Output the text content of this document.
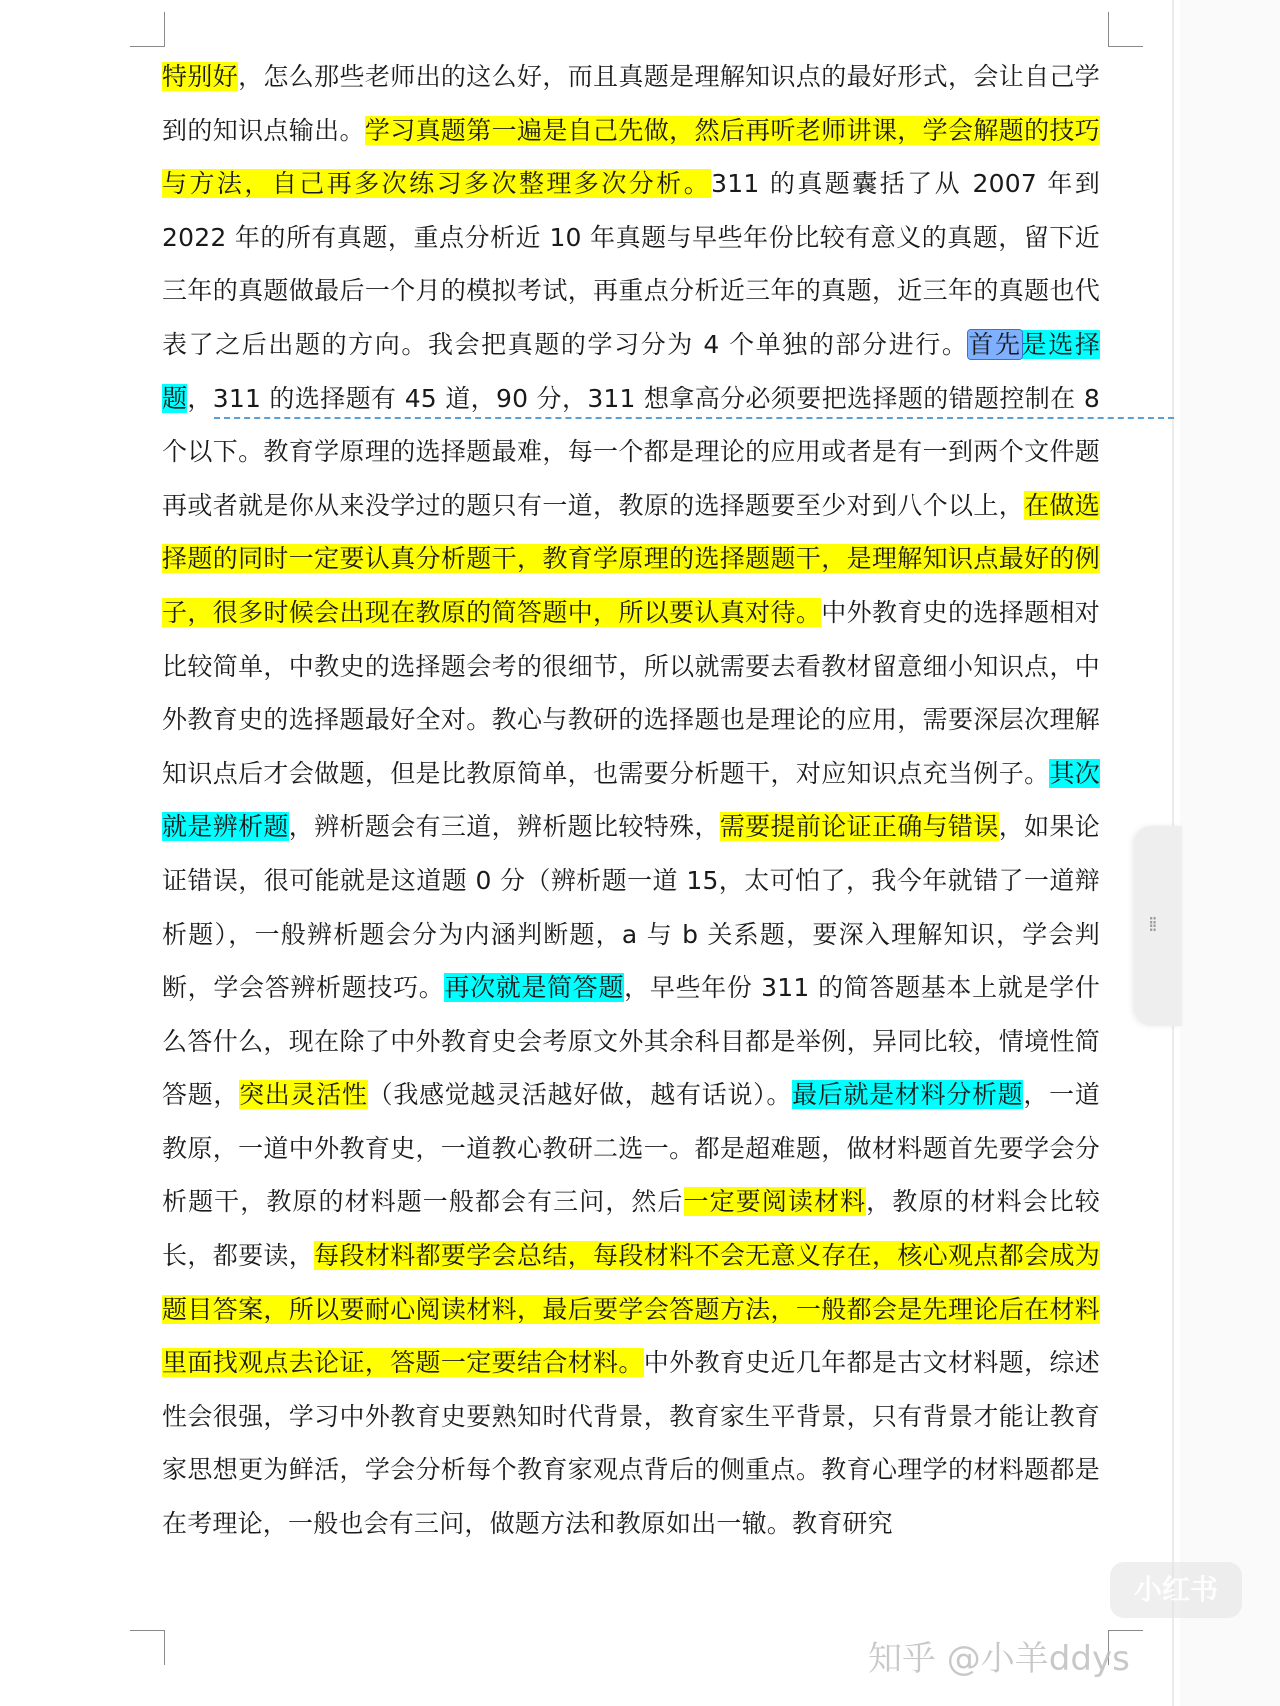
特别好，怎么那些老师出的这么好，而且真题是理解知识点的最好形式，会让自己学到的知识点输出。学习真题第一遍是自己先做，然后再听老师讲课，学会解题的技巧与方法，自己再多次练习多次整理多次分析。311 的真题囊括了从 2007 年到 2022 年的所有真题，重点分析近 10 年真题与早些年份比较有意义的真题，留下近三年的真题做最后一个月的模拟考试，再重点分析近三年的真题，近三年的真题也代表了之后出题的方向。我会把真题的学习分为 4 个单独的部分进行。首先是选择题，311 的选择题有 45 道，90 分，311 想拿高分必须要把选择题的错题控制在 8 个以下。教育学原理的选择题最难，每一个都是理论的应用或者是有一到两个文件题再或者就是你从来没学过的题只有一道，教原的选择题要至少对到八个以上，在做选择题的同时一定要认真分析题干，教育学原理的选择题题干，是理解知识点最好的例子，很多时候会出现在教原的简答题中，所以要认真对待。中外教育史的选择题相对比较简单，中教史的选择题会考的很细节，所以就需要去看教材留意细小知识点，中外教育史的选择题最好全对。教心与教研的选择题也是理论的应用，需要深层次理解知识点后才会做题，但是比教原简单，也需要分析题干，对应知识点充当例子。其次就是辨析题，辨析题会有三道，辨析题比较特殊，需要提前论证正确与错误，如果论证错误，很可能就是这道题 0 分（辨析题一道 15，太可怕了，我今年就错了一道辩析题），一般辨析题会分为内涵判断题，a 与 b 关系题，要深入理解知识，学会判断，学会答辨析题技巧。再次就是简答题，早些年份 311 的简答题基本上就是学什么答什么，现在除了中外教育史会考原文外其余科目都是举例，异同比较，情境性简答题，突出灵活性（我感觉越灵活越好做，越有话说）。最后就是材料分析题，一道教原，一道中外教育史，一道教心教研二选一。都是超难题，做材料题首先要学会分析题干，教原的材料题一般都会有三问，然后一定要阅读材料，教原的材料会比较长，都要读，每段材料都要学会总结，每段材料不会无意义存在，核心观点都会成为题目答案，所以要耐心阅读材料，最后要学会答题方法，一般都会是先理论后在材料里面找观点去论证，答题一定要结合材料。中外教育史近几年都是古文材料题，综述性会很强，学习中外教育史要熟知时代背景，教育家生平背景，只有背景才能让教育家思想更为鲜活，学会分析每个教育家观点背后的侧重点。教育心理学的材料题都是在考理论，一般也会有三问，做题方法和教原如出一辙。教育研究

⁞⁞
小红书
知乎 @小羊ddys
